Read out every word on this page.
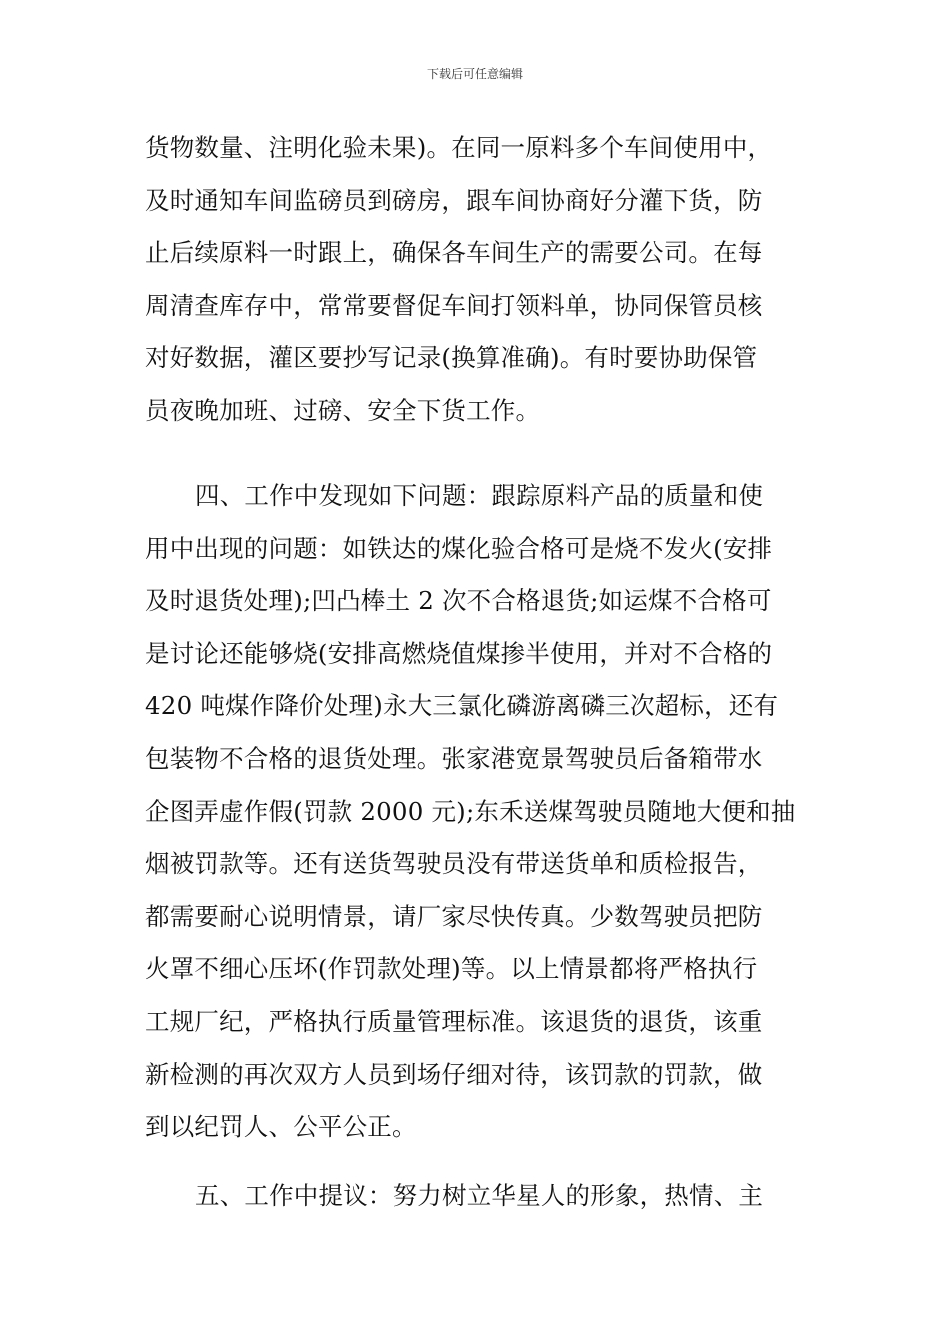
下载后可任意编辑
货物数量、注明化验未果)。在同一原料多个车间使用中，
及时通知车间监磅员到磅房，跟车间协商好分灌下货，防
止后续原料一时跟上，确保各车间生产的需要公司。在每
周清查库存中，常常要督促车间打领料单，协同保管员核
对好数据，灌区要抄写记录(换算准确)。有时要协助保管
员夜晚加班、过磅、安全下货工作。
四、工作中发现如下问题：跟踪原料产品的质量和使
用中出现的问题：如铁达的煤化验合格可是烧不发火(安排
及时退货处理);凹凸棒土 2 次不合格退货;如运煤不合格可
是讨论还能够烧(安排高燃烧值煤掺半使用，并对不合格的
420 吨煤作降价处理)永大三氯化磷游离磷三次超标，还有
包装物不合格的退货处理。张家港宽景驾驶员后备箱带水
企图弄虚作假(罚款 2000 元);东禾送煤驾驶员随地大便和抽
烟被罚款等。还有送货驾驶员没有带送货单和质检报告，
都需要耐心说明情景，请厂家尽快传真。少数驾驶员把防
火罩不细心压坏(作罚款处理)等。以上情景都将严格执行
工规厂纪，严格执行质量管理标准。该退货的退货，该重
新检测的再次双方人员到场仔细对待，该罚款的罚款，做
到以纪罚人、公平公正。
五、工作中提议：努力树立华星人的形象，热情、主
